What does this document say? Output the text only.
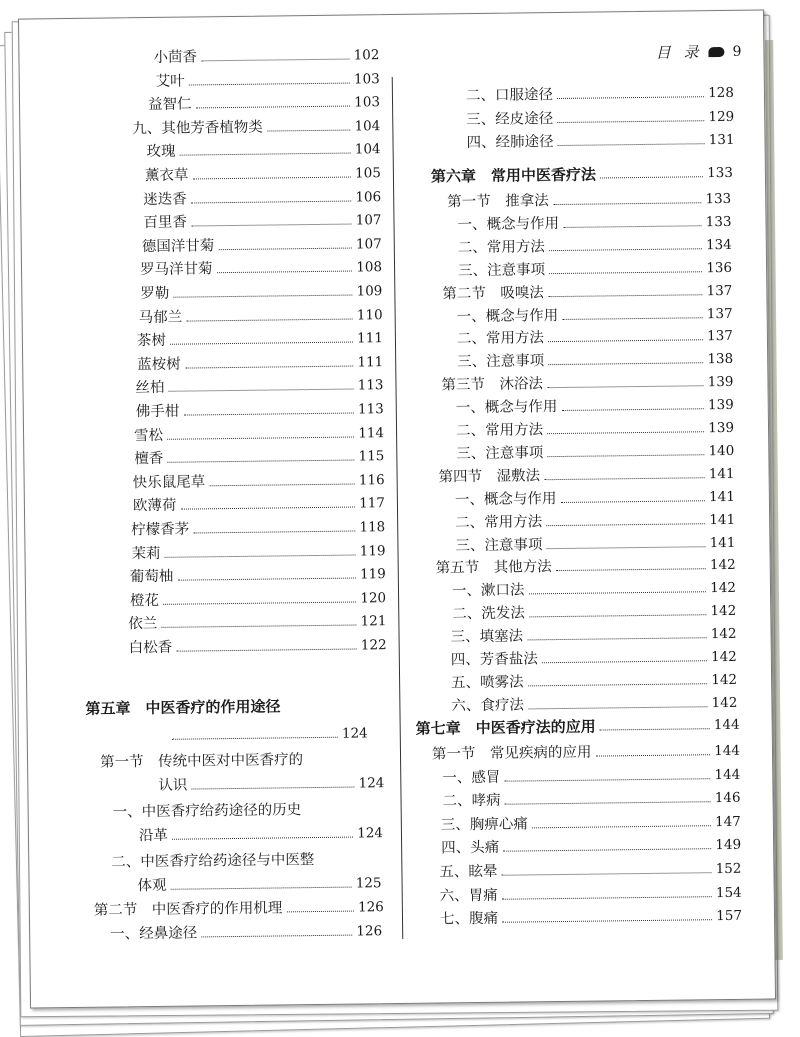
目 录 9
小茴香	102
艾叶	103
益智仁	103
九、其他芳香植物类	104
玫瑰	104
薰衣草	105
迷迭香	106
百里香	107
德国洋甘菊	107
罗马洋甘菊	108
罗勒	109
马郁兰	110
茶树	111
蓝桉树	111
丝柏	113
佛手柑	113
雪松	114
檀香	115
快乐鼠尾草	116
欧薄荷	117
柠檬香茅	118
茉莉	119
葡萄柚	119
橙花	120
依兰	121
白松香	122
第五章　中医香疗的作用途径
124
第一节　传统中医对中医香疗的
认识	124
一、中医香疗给药途径的历史
沿革	124
二、中医香疗给药途径与中医整
体观	125
第二节　中医香疗的作用机理	126
一、经鼻途径	126
二、口服途径	128
三、经皮途径	129
四、经肺途径	131
第六章　常用中医香疗法	133
第一节　推拿法	133
一、概念与作用	133
二、常用方法	134
三、注意事项	136
第二节　吸嗅法	137
一、概念与作用	137
二、常用方法	137
三、注意事项	138
第三节　沐浴法	139
一、概念与作用	139
二、常用方法	139
三、注意事项	140
第四节　湿敷法	141
一、概念与作用	141
二、常用方法	141
三、注意事项	141
第五节　其他方法	142
一、漱口法	142
二、洗发法	142
三、填塞法	142
四、芳香盐法	142
五、喷雾法	142
六、食疗法	142
第七章　中医香疗法的应用	144
第一节　常见疾病的应用	144
一、感冒	144
二、哮病	146
三、胸痹心痛	147
四、头痛	149
五、眩晕	152
六、胃痛	154
七、腹痛	157
